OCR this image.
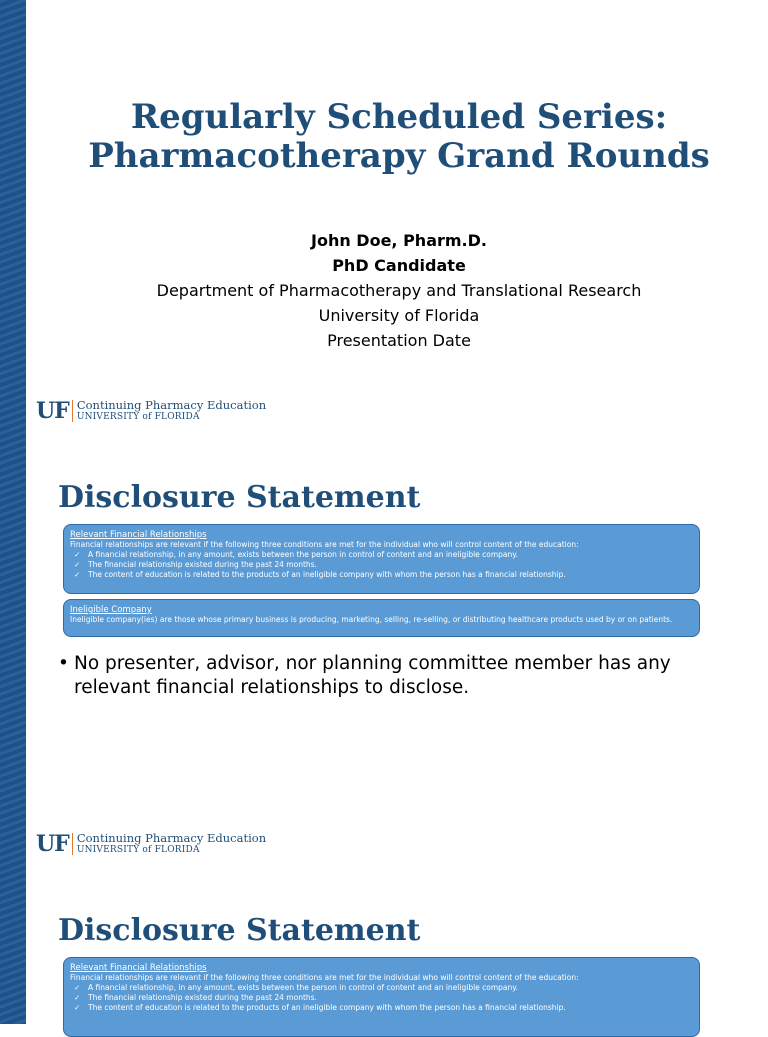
Regularly Scheduled Series:
Pharmacotherapy Grand Rounds
John Doe, Pharm.D.
PhD Candidate
Department of Pharmacotherapy and Translational Research
University of Florida
Presentation Date
UF Continuing Pharmacy Education
UNIVERSITY of FLORIDA
Disclosure Statement
Relevant Financial Relationships
Financial relationships are relevant if the following three conditions are met for the individual who will control content of the education:
✓ A financial relationship, in any amount, exists between the person in control of content and an ineligible company.
✓ The financial relationship existed during the past 24 months.
✓ The content of education is related to the products of an ineligible company with whom the person has a financial relationship.
Ineligible Company
Ineligible company(ies) are those whose primary business is producing, marketing, selling, re-selling, or distributing healthcare products used by or on patients.
• No presenter, advisor, nor planning committee member has any relevant financial relationships to disclose.
UF Continuing Pharmacy Education
UNIVERSITY of FLORIDA
Disclosure Statement
Relevant Financial Relationships
Financial relationships are relevant if the following three conditions are met for the individual who will control content of the education:
✓ A financial relationship, in any amount, exists between the person in control of content and an ineligible company.
✓ The financial relationship existed during the past 24 months.
✓ The content of education is related to the products of an ineligible company with whom the person has a financial relationship.
